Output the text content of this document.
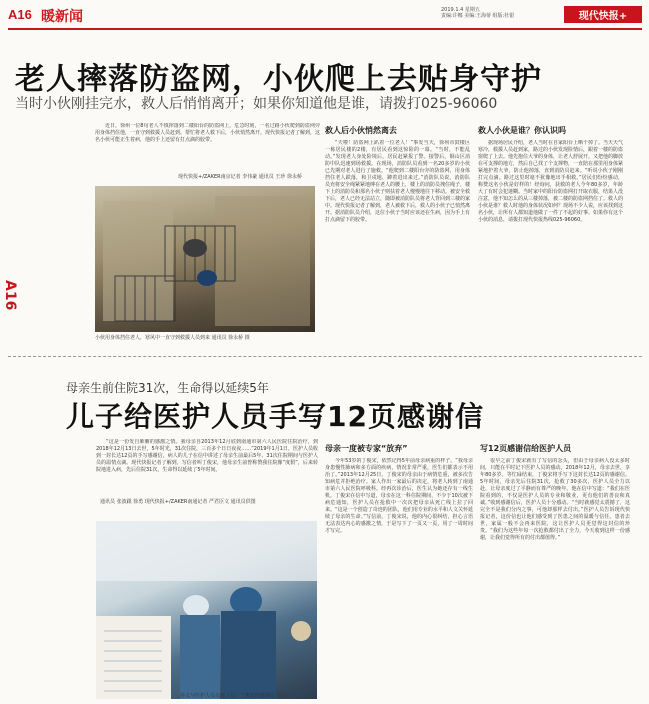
A16 暖新闻	2019.1.4 星期五
责编:许娜 美编:王海蒂 组版:杜银	现代快报+
老人摔落防盗网，小伙爬上去贴身守护
当时小伙刚挂完水，救人后悄悄离开；如果你知道他是谁，请拨打025-96060
近日，徐州一位8旬老人不慎摔落到二楼阳台的防盗网上，危急时刻，一名过路小伙爬到防盗网旁用身体挡住他，一直守到救援人员赶到。帮忙将老人救下后，小伙悄然离开。现代快报记者了解到，这名小伙可能正生着病，他的手上还留有打点滴的胶带。
现代快报+/ZAKER南京记者 李伟豪 通讯员 王珍 徐永桥
小伙用身体挡住老人，寒风中一直守到救援人员到来 通讯员 徐永桥 摄
救人后小伙悄然离去
“天啦！防盗网上趴着一位老人！”事发当天，徐州市鼓楼区一栋居民楼的2楼，有居民看到这惊险的一幕。“当时，不能乱动。”发现老人身处险境后，居民赶紧报了警。接警后，铜山区消防中队迅速到场救援。在现场，消防队员看到一名20多岁的小伙已先期对老人进行了施救。“他爬到二楼阳台旁的防盗网，用身体挡住老人跌落，和卫戍地、蹲着进出来过。”消防队员说。消防队员充将安全绳紧紧地缚在老人的腰上，楼上的消防员拽住绳子，楼下上的消防员和那名小伙子则扶着老人慢慢地往下移动。被安全救下后，老人已经无法站立，随即被消防队员将老人背回到三楼的家中。现代快报记者了解到，老人被救下后，救人的小伙子已悄然离开。据消防队员介绍，这位小伙子当时应该还在生病，因为手上有打点滴留下的胶带。
救人小伙是谁？你认识吗
据现场居民介绍，老人当时在自家阳台上晒干掉了。当天天气寒冷，救援人员赶到家，路过的小伙发现险情后，跟着一楼的防盗窗爬了上去。他先抱住大爷的身体，让老人舒展开。又把他的脚放在可支撑的地方，然后自己找了个支撑物，一直陪在那里用身体紧紧地护着大爷，防止他掉落，直到消防员赶来。“听说小伙子刚刚打完点滴。路过这里时毫不犹豫地出手相救。”居民们纷纷感动，称赞这名小伙是好样的！经询问，获救的老人今年80多岁，年龄大了有时会犯迷糊。当时家中的阳台防盗网打开取衣服，结果人没注意，他不知怎么的从三楼掉落，被二楼的防盗网挡住了。救人的小伙是谁？救人时他的身体状况如何？现场不少人说，应该找到这名小伙，让所有人都知道他做了一件了不起的好事。如果你有这个小伙的消息，请拨打现代快报热线025-96060。
A16
母亲生前住院31次，生命得以延续5年
儿子给医护人员手写12页感谢信
“这是一份发自肺腑的感激之情。我母亲自2013年12月底到南通市第六人民医院住院治疗，到2018年12月13日去世，5年时光，31次住院，三百多个日日夜夜……”2019年1月1日，医护人员收到一封长达12页的手写感谢信，病人的儿子在信中讲述了母亲生前最后5年、31次住院期间与医护人员的温情点滴。现代快报记者了解到，写信者叫丁俊宋，他母亲生前曾称赞我住院像“度假”，后来转院地进入病，先后住院31次，生命得以延续了5年时间。
通讯员 张波跟 徐勇 现代快报+/ZAKER南通记者 严君臣文 通讯员供图
孙义与医护人员交流（左）丁俊宋的感谢信（右）
母亲一度被专家“放弃”
今年53岁的丁俊宋，依然记得5年前母亲病重的样子。“我母亲身患慢性肺病和多方面的疾病，情况非常严重，医生们都表示不用治了。”2013年12月25日，丁俊宋的母亲由于病情危重，被多次告知病危并拒绝治疗。家人作出一家最后的决定，将老人转到了南通市第六人民医院呼吸科。经再次诊治后，医生认为她还存有一线生机。丁俊宋在信中写道，母亲在这一科住院期间，不少于10次被下病危通知，医护人员在抢救中一次次把母亲从死亡线上拉了回来。“这是一个创造了奇迹的团队，他们用专业的水平和人文关怀延续了母亲的生命。”写信前，丁俊宋说，他的内心很纠结，担心言语无法表达内心的感激之情，于是写下了一页又一页，用了一周时间才写完。
写12页感谢信给医护人员
很早之前丁俊宋就有了写信的念头，但由于母亲病人没太多时间，只能在平时记下医护人员的感动。2018年12月，母亲去世，享年80多岁。等忙碌结束，丁俊宋将手写下这封长达12页的感谢信。5年时间，母亲先后住院31次，抢救了30多次，医护人员全力以赴，让母亲度过了平静而有尊严的晚年。他在信中写道：“我们在医院看到的，不仅是医护人员的专业和敬业，更有他们的善良和真诚。”收到感谢信后，医护人员十分感动。“当时就感觉太震撼了，这完全不是我们分内之事，可他却那样去付出。”医护人员告诉现代快报记者，这份信也让他们感受到了医患之间的温暖与信任。患者去世，家属一般不会再来医院，这让医护人员更觉得这封信的珍贵。“我们为这些年每一次抢救都付出了全力，今天收到这样一份感谢，让我们觉得所有的付出都值得。”
